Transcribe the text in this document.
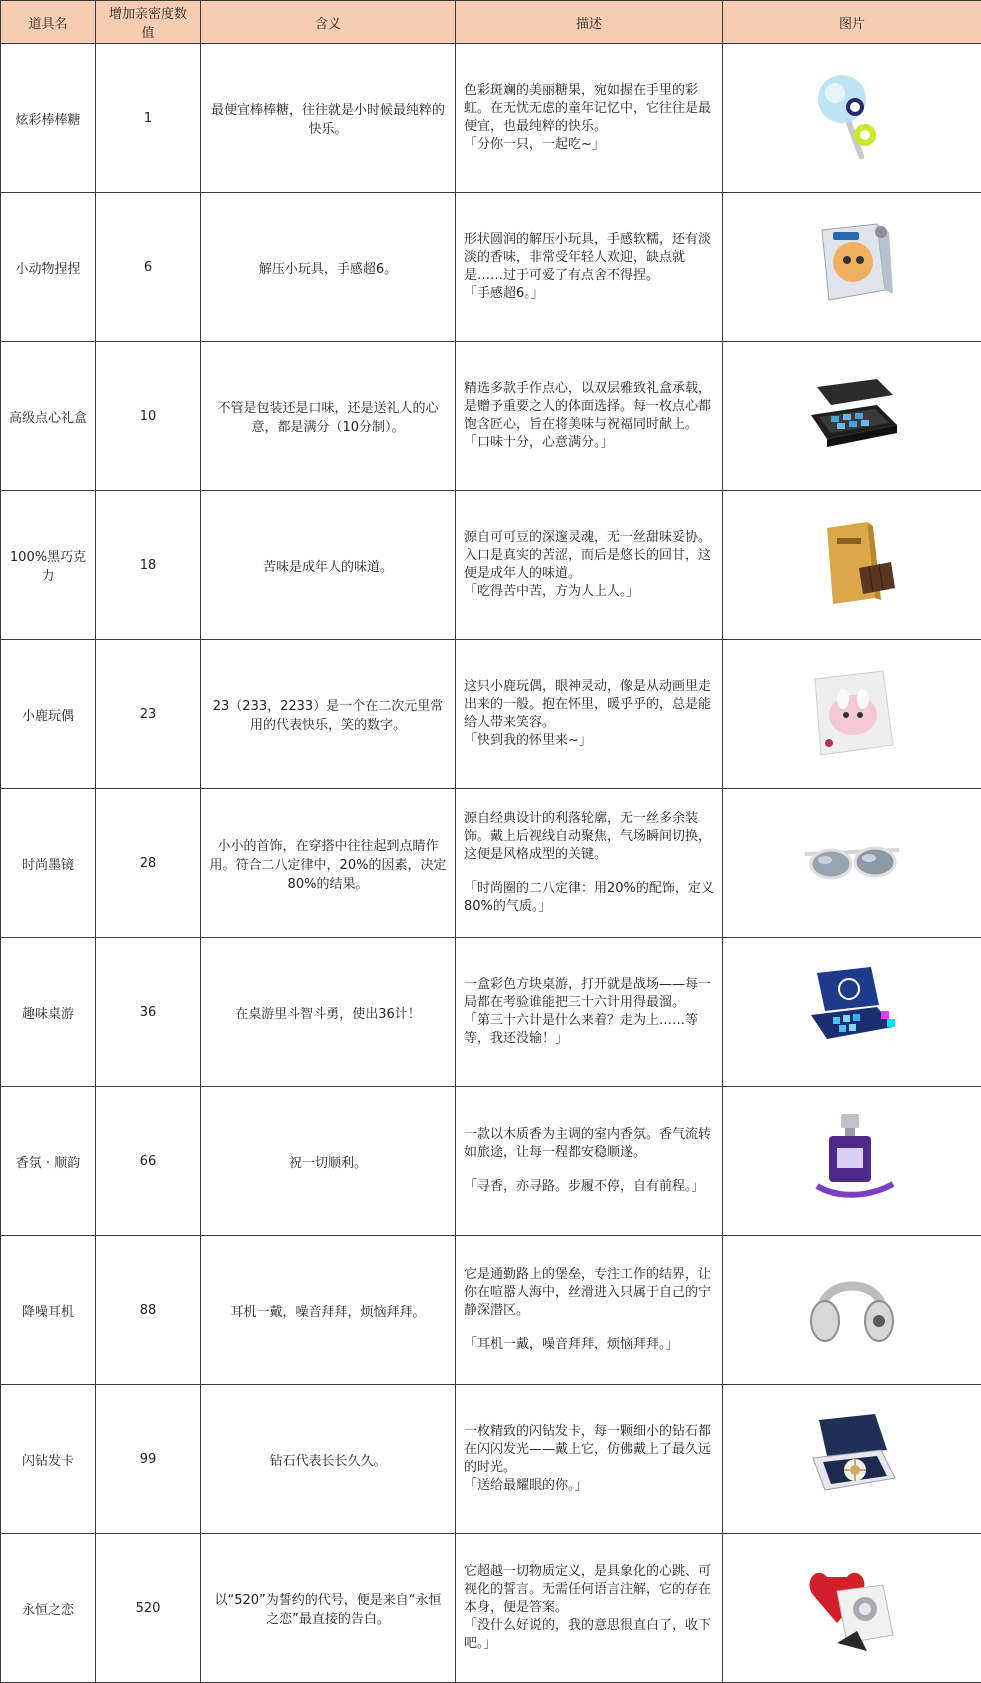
道具名	增加亲密度数值	含义	描述	图片
炫彩棒棒糖	1	最便宜棒棒糖，往往就是小时候最纯粹的快乐。	色彩斑斓的美丽糖果，宛如握在手里的彩虹。在无忧无虑的童年记忆中，它往往是最便宜，也最纯粹的快乐。
「分你一只，一起吃~」

小动物捏捏	6	解压小玩具，手感超6。	形状圆润的解压小玩具，手感软糯，还有淡淡的香味，非常受年轻人欢迎，缺点就是……过于可爱了有点舍不得捏。
「手感超6。」

高级点心礼盒	10	不管是包装还是口味，还是送礼人的心意，都是满分（10分制）。	精选多款手作点心，以双层雅致礼盒承载，是赠予重要之人的体面选择。每一枚点心都饱含匠心，旨在将美味与祝福同时献上。
「口味十分，心意满分。」

100%黑巧克力	18	苦味是成年人的味道。	源自可可豆的深邃灵魂，无一丝甜味妥协。入口是真实的苦涩，而后是悠长的回甘，这便是成年人的味道。
「吃得苦中苦，方为人上人。」

小鹿玩偶	23	23（233，2233）是一个在二次元里常用的代表快乐，笑的数字。	这只小鹿玩偶，眼神灵动，像是从动画里走出来的一般。抱在怀里，暖乎乎的，总是能给人带来笑容。
「快到我的怀里来~」

时尚墨镜	28	小小的首饰，在穿搭中往往起到点睛作用。符合二八定律中，20%的因素，决定80%的结果。	源自经典设计的利落轮廓，无一丝多余装饰。戴上后视线自动聚焦，气场瞬间切换，这便是风格成型的关键。
「时尚圈的二八定律：用20%的配饰，定义80%的气质。」

趣味桌游	36	在桌游里斗智斗勇，使出36计！	一盒彩色方块桌游，打开就是战场——每一局都在考验谁能把三十六计用得最溜。
「第三十六计是什么来着？走为上……等等，我还没输！」

香氛 · 顺韵	66	祝一切顺利。	一款以木质香为主调的室内香氛。香气流转如旅途，让每一程都安稳顺遂。
「寻香，亦寻路。步履不停，自有前程。」

降噪耳机	88	耳机一戴，噪音拜拜，烦恼拜拜。	它是通勤路上的堡垒，专注工作的结界，让你在喧嚣人海中，丝滑进入只属于自己的宁静深潜区。
「耳机一戴，噪音拜拜，烦恼拜拜。」

闪钻发卡	99	钻石代表长长久久。	一枚精致的闪钻发卡，每一颗细小的钻石都在闪闪发光——戴上它，仿佛戴上了最久远的时光。
「送给最耀眼的你。」

永恒之恋	520	以“520”为誓约的代号，便是来自“永恒之恋”最直接的告白。	它超越一切物质定义，是具象化的心跳、可视化的誓言。无需任何语言注解，它的存在本身，便是答案。
「没什么好说的，我的意思很直白了，收下吧。」
